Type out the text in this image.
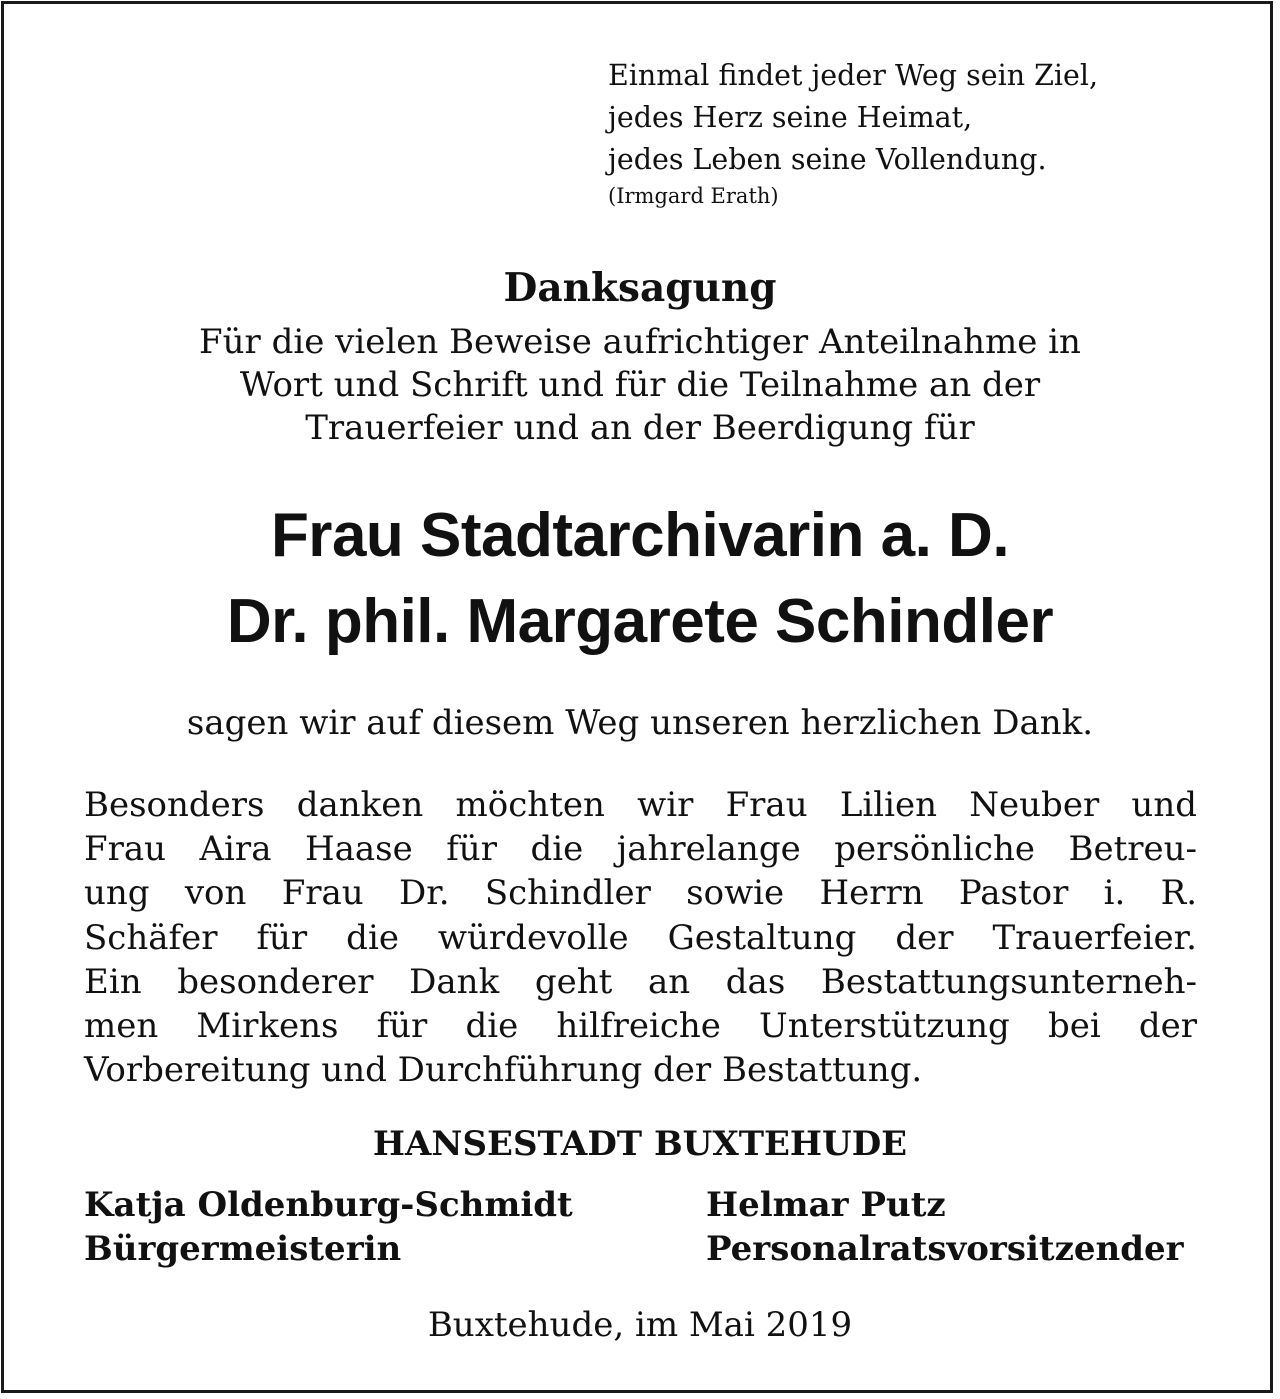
Einmal findet jeder Weg sein Ziel,
jedes Herz seine Heimat,
jedes Leben seine Vollendung.
(Irmgard Erath)
Danksagung
Für die vielen Beweise aufrichtiger Anteilnahme in
Wort und Schrift und für die Teilnahme an der
Trauerfeier und an der Beerdigung für
Frau Stadtarchivarin a. D.
Dr. phil. Margarete Schindler
sagen wir auf diesem Weg unseren herzlichen Dank.
Besonders danken möchten wir Frau Lilien Neuber und
Frau Aira Haase für die jahrelange persönliche Betreu-
ung von Frau Dr. Schindler sowie Herrn Pastor i. R.
Schäfer für die würdevolle Gestaltung der Trauerfeier.
Ein besonderer Dank geht an das Bestattungsunterneh-
men Mirkens für die hilfreiche Unterstützung bei der
Vorbereitung und Durchführung der Bestattung.
HANSESTADT BUXTEHUDE
Katja Oldenburg-Schmidt
Bürgermeisterin
Helmar Putz
Personalratsvorsitzender
Buxtehude, im Mai 2019
